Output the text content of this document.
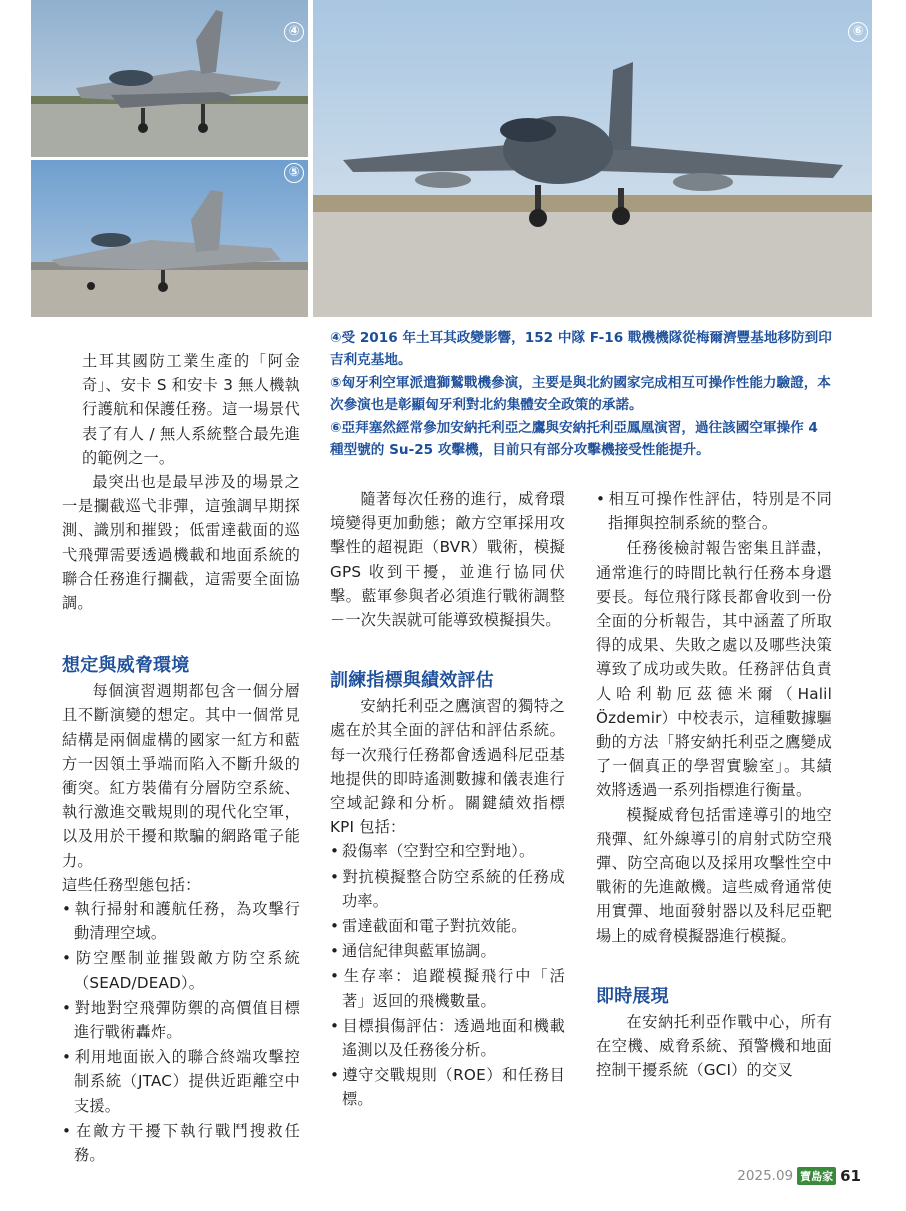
④
⑤
⑥
④受 2016 年土耳其政變影響，152 中隊 F-16 戰機機隊從梅爾濟豐基地移防到印吉利克基地。
⑤匈牙利空軍派遣獅鷲戰機參演，主要是與北約國家完成相互可操作性能力驗證，本次參演也是彰顯匈牙利對北約集體安全政策的承諾。
⑥亞拜塞然經常參加安納托利亞之鷹與安納托利亞鳳凰演習，過往該國空軍操作 4 種型號的 Su-25 攻擊機，目前只有部分攻擊機接受性能提升。

土耳其國防工業生產的「阿金奇」、安卡 S 和安卡 3 無人機執行護航和保護任務。這一場景代表了有人 / 無人系統整合最先進的範例之一。

最突出也是最早涉及的場景之一是攔截巡弋非彈，這強調早期探測、識別和摧毀；低雷達截面的巡弋飛彈需要透過機載和地面系統的聯合任務進行攔截，這需要全面協調。

想定與威脅環境

每個演習週期都包含一個分層且不斷演變的想定。其中一個常見結構是兩個虛構的國家一紅方和藍方一因領土爭端而陷入不斷升級的衝突。紅方裝備有分層防空系統、執行激進交戰規則的現代化空軍，以及用於干擾和欺騙的網路電子能力。

這些任務型態包括：

• 執行掃射和護航任務，為攻擊行動清理空域。
• 防空壓制並摧毀敵方防空系統（SEAD/DEAD）。
• 對地對空飛彈防禦的高價值目標進行戰術轟炸。
• 利用地面嵌入的聯合終端攻擊控制系統（JTAC）提供近距離空中支援。
• 在敵方干擾下執行戰鬥搜救任務。

隨著每次任務的進行，威脅環境變得更加動態；敵方空軍採用攻擊性的超視距（BVR）戰術，模擬 GPS 收到干擾，並進行協同伏擊。藍軍參與者必須進行戰術調整－一次失誤就可能導致模擬損失。

訓練指標與績效評估

安納托利亞之鷹演習的獨特之處在於其全面的評估和評估系統。每一次飛行任務都會透過科尼亞基地提供的即時遙測數據和儀表進行空域記錄和分析。關鍵績效指標 KPI 包括：

• 殺傷率（空對空和空對地）。
• 對抗模擬整合防空系統的任務成功率。
• 雷達截面和電子對抗效能。
• 通信紀律與藍軍協調。
• 生存率：追蹤模擬飛行中「活著」返回的飛機數量。
• 目標損傷評估：透過地面和機載遙測以及任務後分析。
• 遵守交戰規則（ROE）和任務目標。
• 相互可操作性評估，特別是不同指揮與控制系統的整合。

任務後檢討報告密集且詳盡，通常進行的時間比執行任務本身還要長。每位飛行隊長都會收到一份全面的分析報告，其中涵蓋了所取得的成果、失敗之處以及哪些決策導致了成功或失敗。任務評估負責人哈利勒厄茲德米爾（Halil Özdemir）中校表示，這種數據驅動的方法「將安納托利亞之鷹變成了一個真正的學習實驗室」。其績效將透過一系列指標進行衡量。

模擬威脅包括雷達導引的地空飛彈、紅外線導引的肩射式防空飛彈、防空高砲以及採用攻擊性空中戰術的先進敵機。這些威脅通常使用實彈、地面發射器以及科尼亞靶場上的威脅模擬器進行模擬。

即時展現

在安納托利亞作戰中心，所有在空機、威脅系統、預警機和地面控制干擾系統（GCI）的交叉

2025.09 寶島家 61
